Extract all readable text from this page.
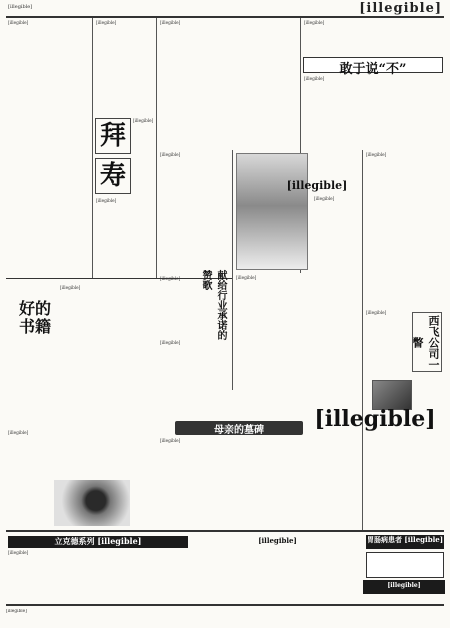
[illegible]	[illegible]
[illegible]	[illegible]
[illegible]
[illegible]
拜
寿
[illegible]	[illegible]
敢于说“不”
[illegible]
[illegible]
[illegible]
[illegible]
[illegible]
献给行业承诺的赞歌	[illegible]
[illegible]
西飞公司一瞥
[illegible]
好的书籍
[illegible]
[illegible]
[illegible]
母亲的墓碑
[illegible]
[illegible]
立克德系列 [illegible]	[illegible]	胃肠病患者 [illegible]
[illegible]
[illegible]
[illegible]
